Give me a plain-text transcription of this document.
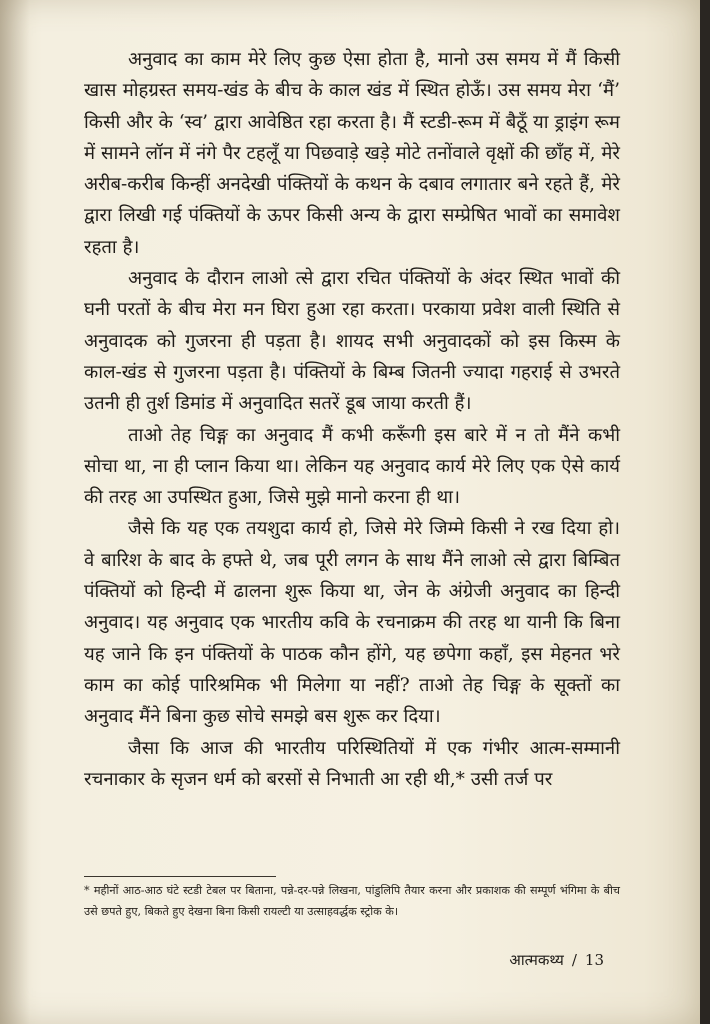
अनुवाद का काम मेरे लिए कुछ ऐसा होता है, मानो उस समय में मैं किसी खास मोहग्रस्त समय-खंड के बीच के काल खंड में स्थित होऊँ। उस समय मेरा ‘मैं’ किसी और के ‘स्व’ द्वारा आवेष्ठित रहा करता है। मैं स्टडी-रूम में बैठूँ या ड्राइंग रूम में सामने लॉन में नंगे पैर टहलूँ या पिछवाड़े खड़े मोटे तनोंवाले वृक्षों की छाँह में, मेरे अरीब-करीब किन्हीं अनदेखी पंक्तियों के कथन के दबाव लगातार बने रहते हैं, मेरे द्वारा लिखी गई पंक्तियों के ऊपर किसी अन्य के द्वारा सम्प्रेषित भावों का समावेश रहता है।

अनुवाद के दौरान लाओ त्से द्वारा रचित पंक्तियों के अंदर स्थित भावों की घनी परतों के बीच मेरा मन घिरा हुआ रहा करता। परकाया प्रवेश वाली स्थिति से अनुवादक को गुजरना ही पड़ता है। शायद सभी अनुवादकों को इस किस्म के काल-खंड से गुजरना पड़ता है। पंक्तियों के बिम्ब जितनी ज्यादा गहराई से उभरते उतनी ही तुर्श डिमांड में अनुवादित सतरें डूब जाया करती हैं।

ताओ तेह चिङ्ग का अनुवाद मैं कभी करूँगी इस बारे में न तो मैंने कभी सोचा था, ना ही प्लान किया था। लेकिन यह अनुवाद कार्य मेरे लिए एक ऐसे कार्य की तरह आ उपस्थित हुआ, जिसे मुझे मानो करना ही था।

जैसे कि यह एक तयशुदा कार्य हो, जिसे मेरे जिम्मे किसी ने रख दिया हो। वे बारिश के बाद के हफ्ते थे, जब पूरी लगन के साथ मैंने लाओ त्से द्वारा बिम्बित पंक्तियों को हिन्दी में ढालना शुरू किया था, जेन के अंग्रेजी अनुवाद का हिन्दी अनुवाद। यह अनुवाद एक भारतीय कवि के रचनाक्रम की तरह था यानी कि बिना यह जाने कि इन पंक्तियों के पाठक कौन होंगे, यह छपेगा कहाँ, इस मेहनत भरे काम का कोई पारिश्रमिक भी मिलेगा या नहीं? ताओ तेह चिङ्ग के सूक्तों का अनुवाद मैंने बिना कुछ सोचे समझे बस शुरू कर दिया।

जैसा कि आज की भारतीय परिस्थितियों में एक गंभीर आत्म-सम्मानी रचनाकार के सृजन धर्म को बरसों से निभाती आ रही थी,* उसी तर्ज पर

* महीनों आठ-आठ घंटे स्टडी टेबल पर बिताना, पन्ने-दर-पन्ने लिखना, पांडुलिपि तैयार करना और प्रकाशक की सम्पूर्ण भंगिमा के बीच उसे छपते हुए, बिकते हुए देखना बिना किसी रायल्टी या उत्साहवर्द्धक स्ट्रोक के।
आत्मकथ्य / 13
